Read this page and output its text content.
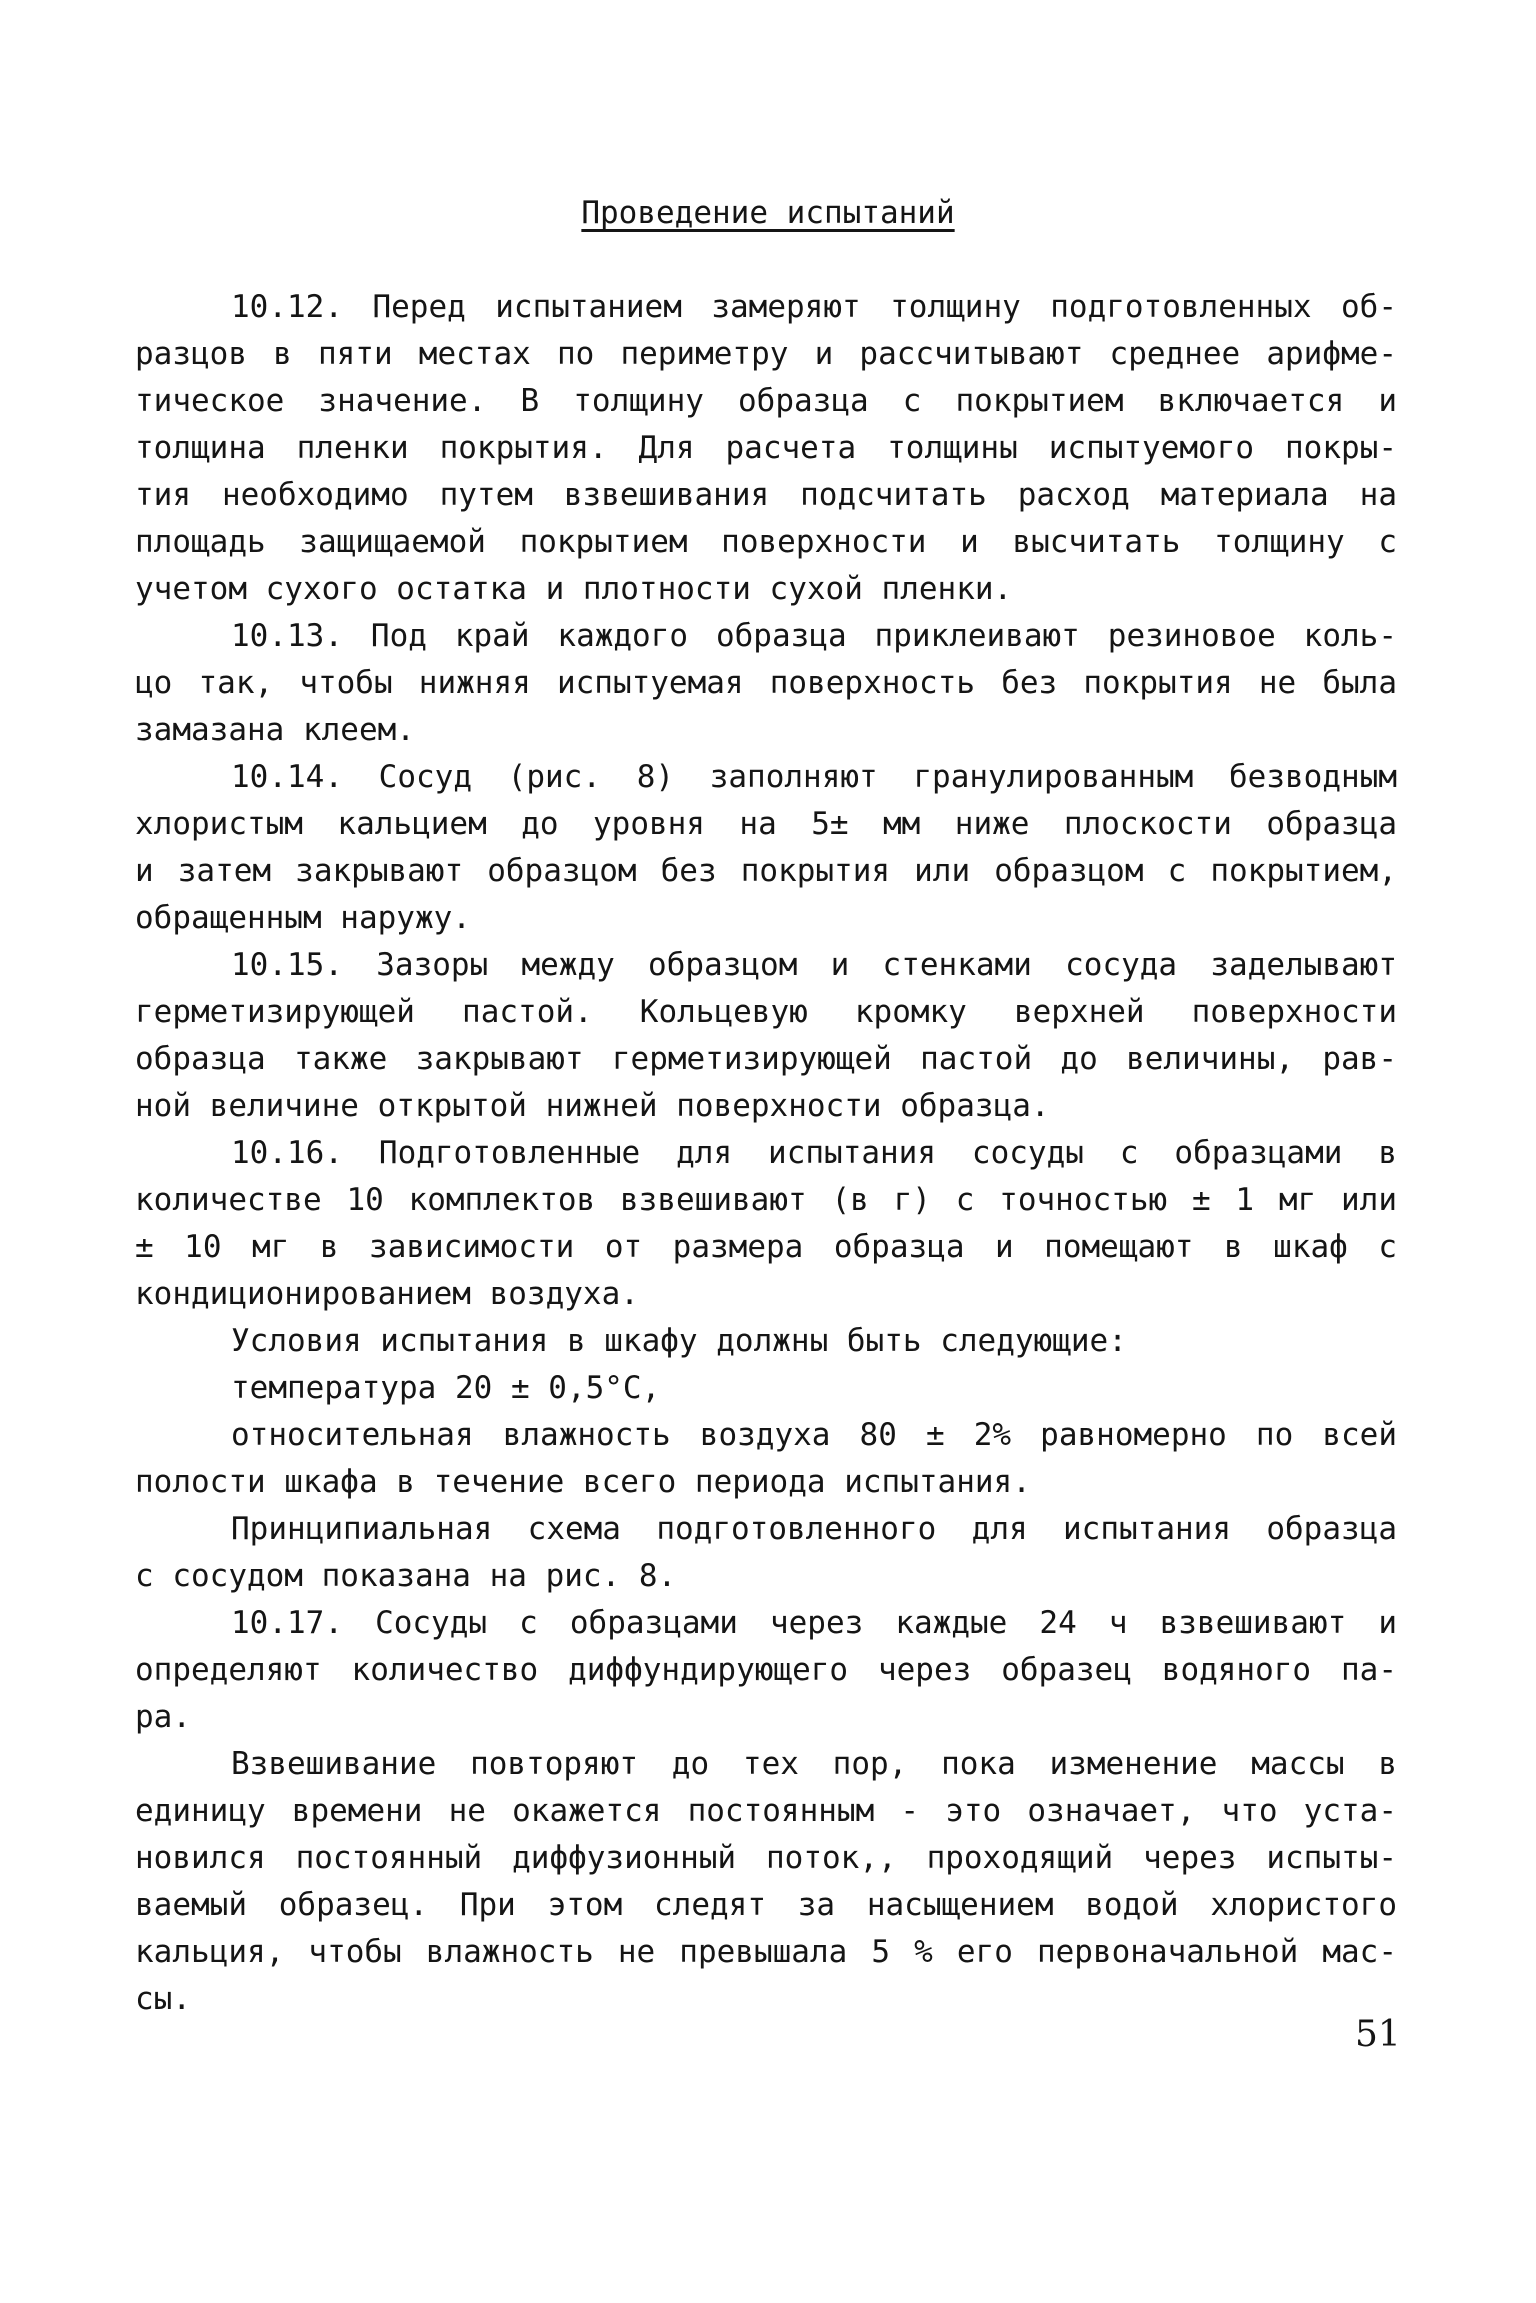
Проведение испытаний
10.12. Перед испытанием замеряют толщину подготовленных об-
разцов в пяти местах по периметру и рассчитывают среднее арифме-
тическое значение. В толщину образца с покрытием включается и
толщина пленки покрытия. Для расчета толщины испытуемого покры-
тия необходимо путем взвешивания подсчитать расход материала на
площадь защищаемой покрытием поверхности и высчитать толщину с
учетом сухого остатка и плотности сухой пленки.
10.13. Под край каждого образца приклеивают резиновое коль-
цо так, чтобы нижняя испытуемая поверхность без покрытия не была
замазана клеем.
10.14. Сосуд (рис. 8) заполняют гранулированным безводным
хлористым кальцием до уровня на 5± мм ниже плоскости образца
и затем закрывают образцом без покрытия или образцом с покрытием,
обращенным наружу.
10.15. Зазоры между образцом и стенками сосуда заделывают
герметизирующей пастой. Кольцевую кромку верхней поверхности
образца также закрывают герметизирующей пастой до величины, рав-
ной величине открытой нижней поверхности образца.
10.16. Подготовленные для испытания сосуды с образцами в
количестве 10 комплектов взвешивают (в г) с точностью ± 1 мг или
± 10 мг в зависимости от размера образца и помещают в шкаф с
кондиционированием воздуха.
Условия испытания в шкафу должны быть следующие:
температура 20 ± 0,5°C,
относительная влажность воздуха 80 ± 2% равномерно по всей
полости шкафа в течение всего периода испытания.
Принципиальная схема подготовленного для испытания образца
с сосудом показана на рис. 8.
10.17. Сосуды с образцами через каждые 24 ч взвешивают и
определяют количество диффундирующего через образец водяного па-
ра.
Взвешивание повторяют до тех пор, пока изменение массы в
единицу времени не окажется постоянным - это означает, что уста-
новился постоянный диффузионный поток,, проходящий через испыты-
ваемый образец. При этом следят за насыщением водой хлористого
кальция, чтобы влажность не превышала 5 % его первоначальной мас-
сы.
51
